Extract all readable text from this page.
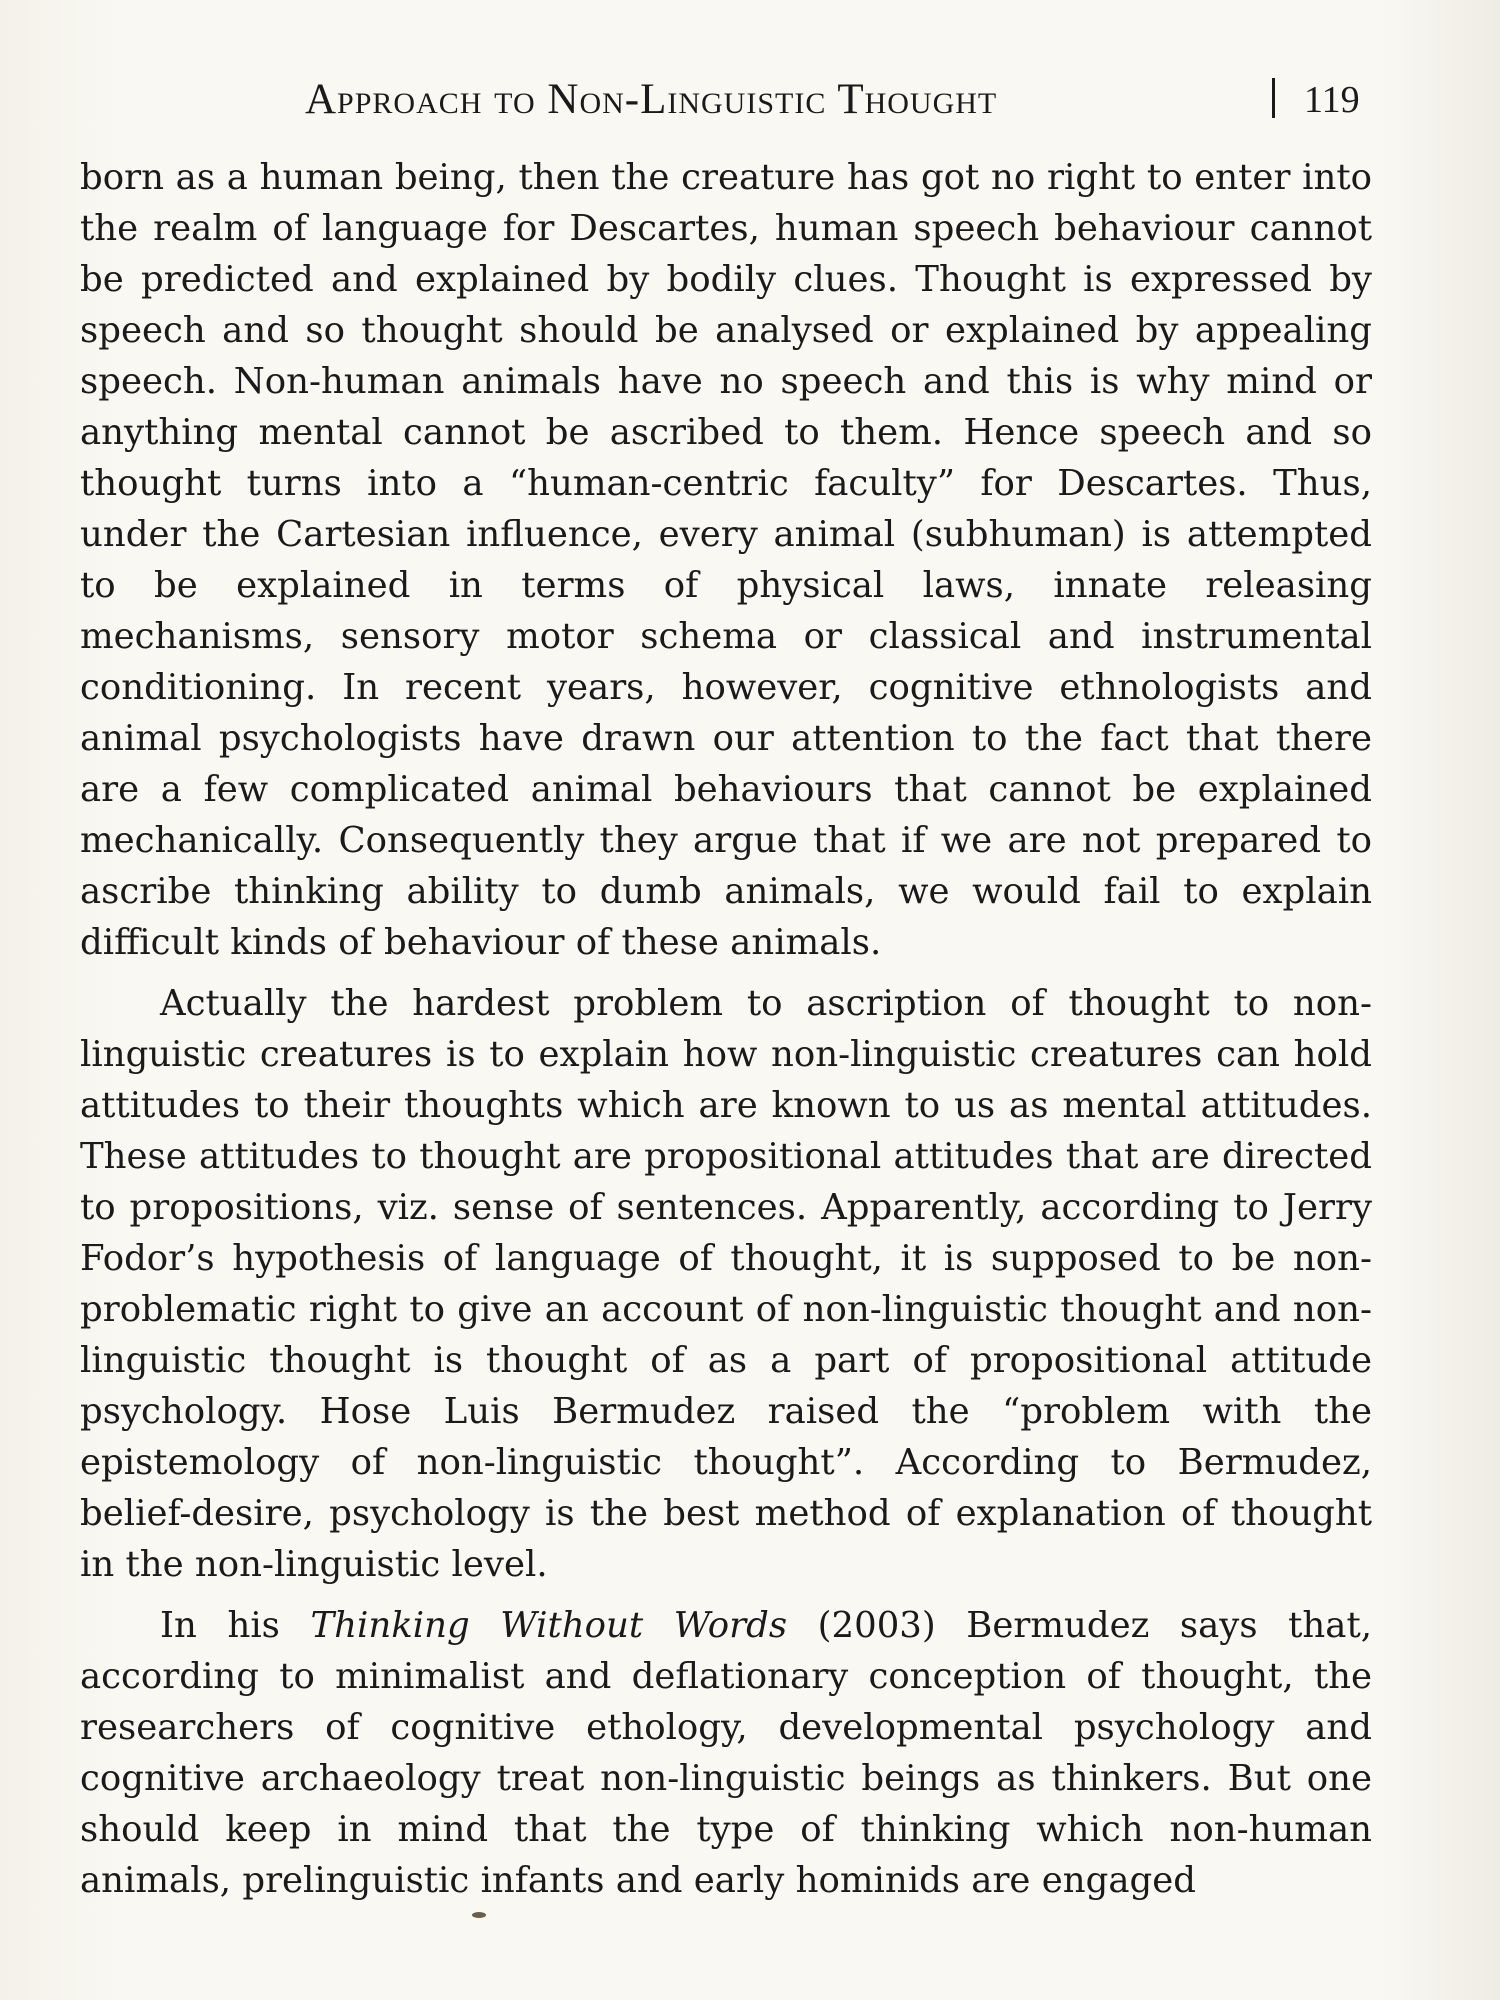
Approach to Non-Linguistic Thought	119

born as a human being, then the creature has got no right to enter into the realm of language for Descartes, human speech behaviour cannot be predicted and explained by bodily clues. Thought is expressed by speech and so thought should be analysed or explained by appealing speech. Non-human animals have no speech and this is why mind or anything mental cannot be ascribed to them. Hence speech and so thought turns into a “human-centric faculty” for Descartes. Thus, under the Cartesian influence, every animal (subhuman) is attempted to be explained in terms of physical laws, innate releasing mechanisms, sensory motor schema or classical and instrumental conditioning. In recent years, however, cognitive ethnologists and animal psychologists have drawn our attention to the fact that there are a few complicated animal behaviours that cannot be explained mechanically. Consequently they argue that if we are not prepared to ascribe thinking ability to dumb animals, we would fail to explain difficult kinds of behaviour of these animals.

Actually the hardest problem to ascription of thought to non-linguistic creatures is to explain how non-linguistic creatures can hold attitudes to their thoughts which are known to us as mental attitudes. These attitudes to thought are propositional attitudes that are directed to propositions, viz. sense of sentences. Apparently, according to Jerry Fodor’s hypothesis of language of thought, it is supposed to be non-problematic right to give an account of non-linguistic thought and non-linguistic thought is thought of as a part of propositional attitude psychology. Hose Luis Bermudez raised the “problem with the epistemology of non-linguistic thought”. According to Bermudez, belief-desire, psychology is the best method of explanation of thought in the non-linguistic level.

In his Thinking Without Words (2003) Bermudez says that, according to minimalist and deflationary conception of thought, the researchers of cognitive ethology, developmental psychology and cognitive archaeology treat non-linguistic beings as thinkers. But one should keep in mind that the type of thinking which non-human animals, prelinguistic infants and early hominids are engaged
